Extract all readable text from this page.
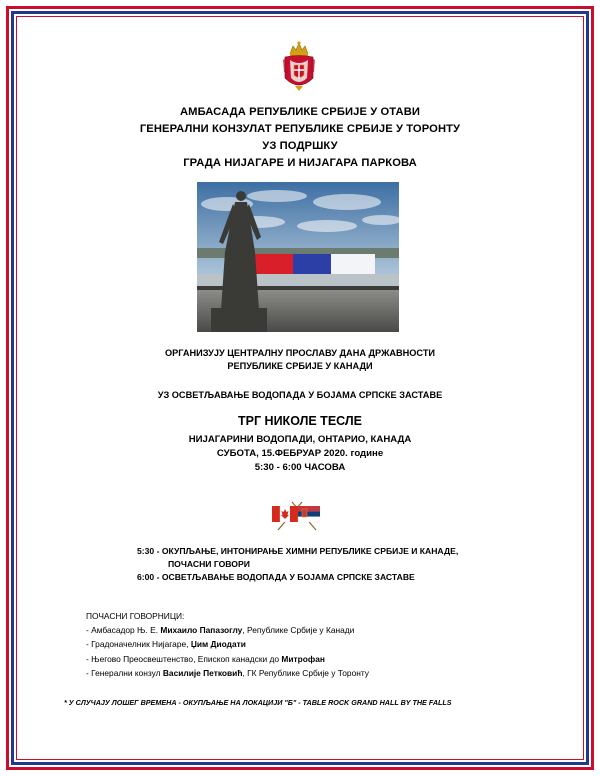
АМБАСАДА РЕПУБЛИКЕ СРБИЈЕ У ОТАВИ
ГЕНЕРАЛНИ КОНЗУЛАТ РЕПУБЛИКЕ СРБИЈЕ У ТОРОНТУ
УЗ ПОДРШКУ
ГРАДА НИЈАГАРЕ И НИЈАГАРА ПАРКОВА
ОРГАНИЗУЈУ ЦЕНТРАЛНУ ПРОСЛАВУ ДАНА ДРЖАВНОСТИ
РЕПУБЛИКЕ СРБИЈЕ У КАНАДИ
УЗ ОСВЕТЉАВАЊЕ ВОДОПАДА У БОЈАМА СРПСКЕ ЗАСТАВЕ
ТРГ НИКОЛЕ ТЕСЛЕ
НИЈАГАРИНИ ВОДОПАДИ, ОНТАРИО, КАНАДА
СУБОТА, 15.ФЕБРУАР 2020. године
5:30 - 6:00 ЧАСОВА
5:30 - ОКУПЉАЊЕ, ИНТОНИРАЊЕ ХИМНИ РЕПУБЛИКЕ СРБИЈЕ И КАНАДЕ,
ПОЧАСНИ ГОВОРИ
6:00 - ОСВЕТЉАВАЊЕ ВОДОПАДА У БОЈАМА СРПСКЕ ЗАСТАВЕ
ПОЧАСНИ ГОВОРНИЦИ:
- Амбасадор Њ. Е. Михаило Папазоглу, Републике Србије у Канади
- Градоначелник Нијагаре, Џим Диодати
- Његово Преосвештенство, Епископ канадски до Митрофан
- Генерални конзул Василије Петковић, ГК Републике Србије у Торонту
* У СЛУЧАЈУ ЛОШЕГ ВРЕМЕНА - ОКУПЉАЊЕ НА ЛОКАЦИЈИ "Б" - TABLE ROCK GRAND HALL BY THE FALLS
